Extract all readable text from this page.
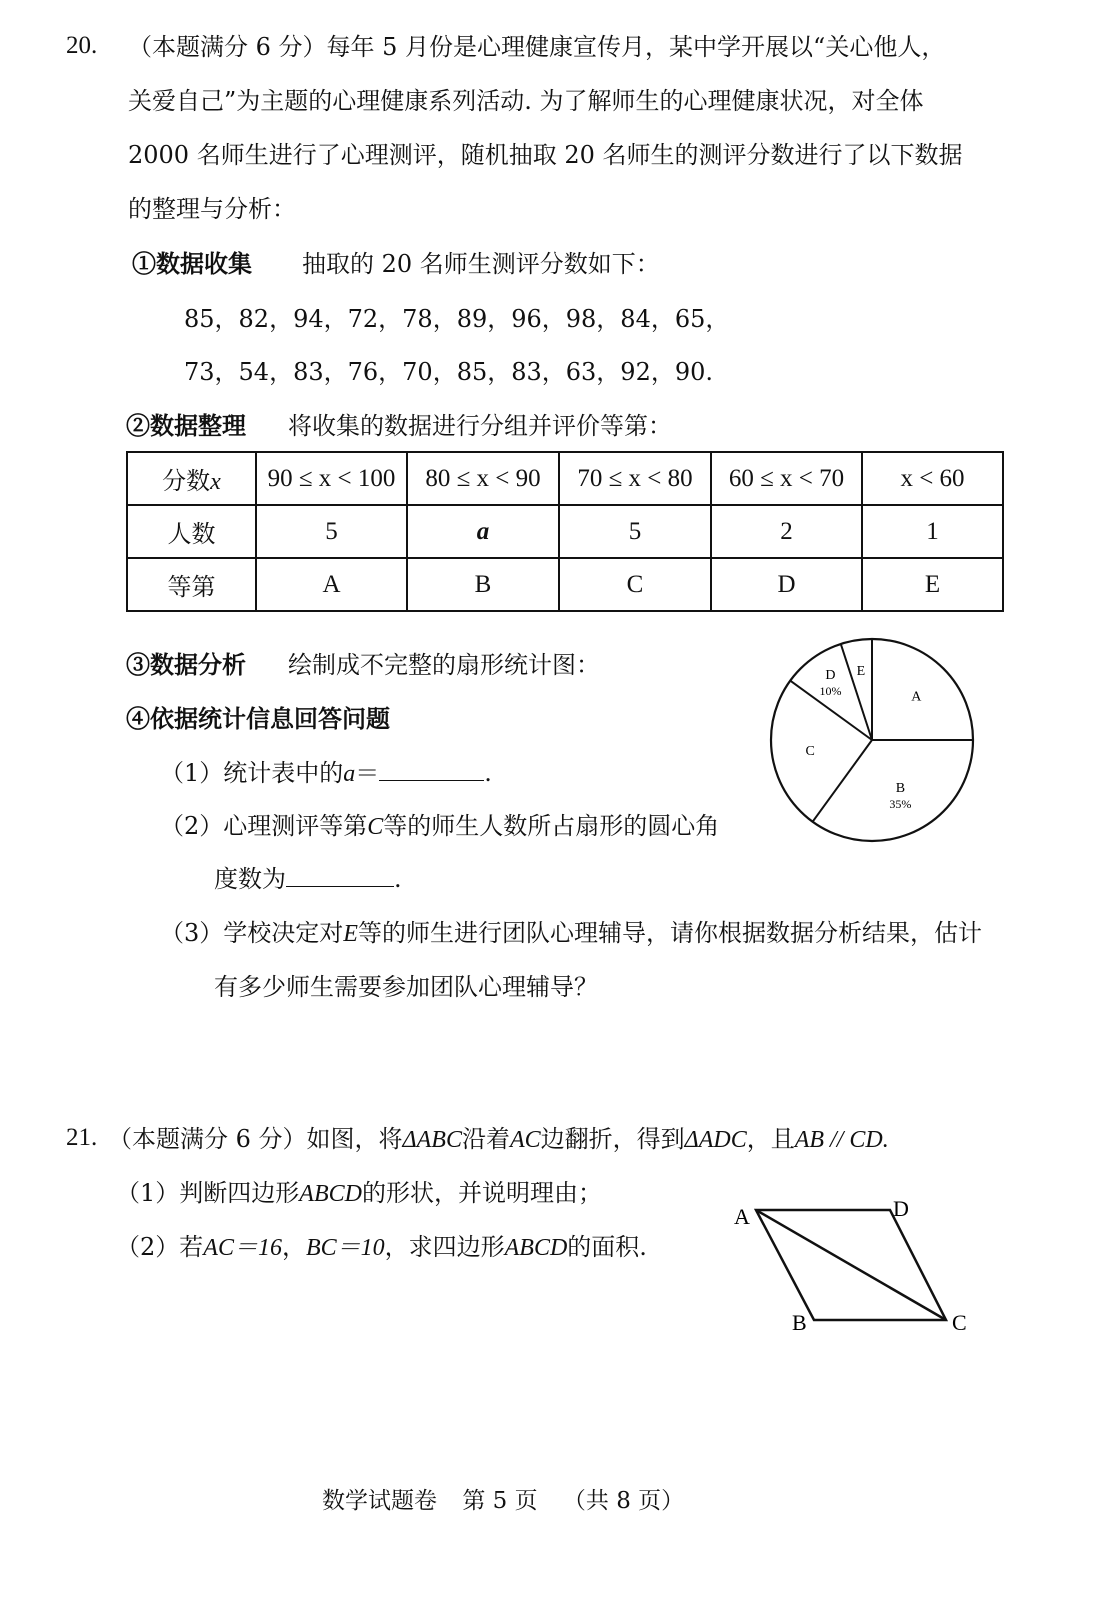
20. （本题满分 6 分）每年 5 月份是心理健康宣传月，某中学开展以“关心他人，
关爱自己”为主题的心理健康系列活动. 为了解师生的心理健康状况，对全体
2000 名师生进行了心理测评，随机抽取 20 名师生的测评分数进行了以下数据
的整理与分析：
①数据收集 抽取的 20 名师生测评分数如下：
85，82，94，72，78，89，96，98，84，65，
73，54，83，76，70，85，83，63，92，90.
②数据整理 将收集的数据进行分组并评价等第：
分数x	90 ≤ x < 100	80 ≤ x < 90	70 ≤ x < 80	60 ≤ x < 70	x < 60
人数	5	a	5	2	1
等第	A	B	C	D	E
③数据分析 绘制成不完整的扇形统计图：
④依据统计信息回答问题
（1）统计表中的a＝	.
（2）心理测评等第C等的师生人数所占扇形的圆心角
度数为	.
（3）学校决定对E等的师生进行团队心理辅导，请你根据数据分析结果，估计
有多少师生需要参加团队心理辅导？
A
B
35%
C
D
10%
E
21. （本题满分 6 分）如图，将ΔABC沿着AC边翻折，得到ΔADC，且AB // CD.
（1）判断四边形ABCD的形状，并说明理由；
（2）若AC＝16，BC＝10，求四边形ABCD的面积.
A	D
B	C
数学试题卷 第 5 页 （共 8 页）
